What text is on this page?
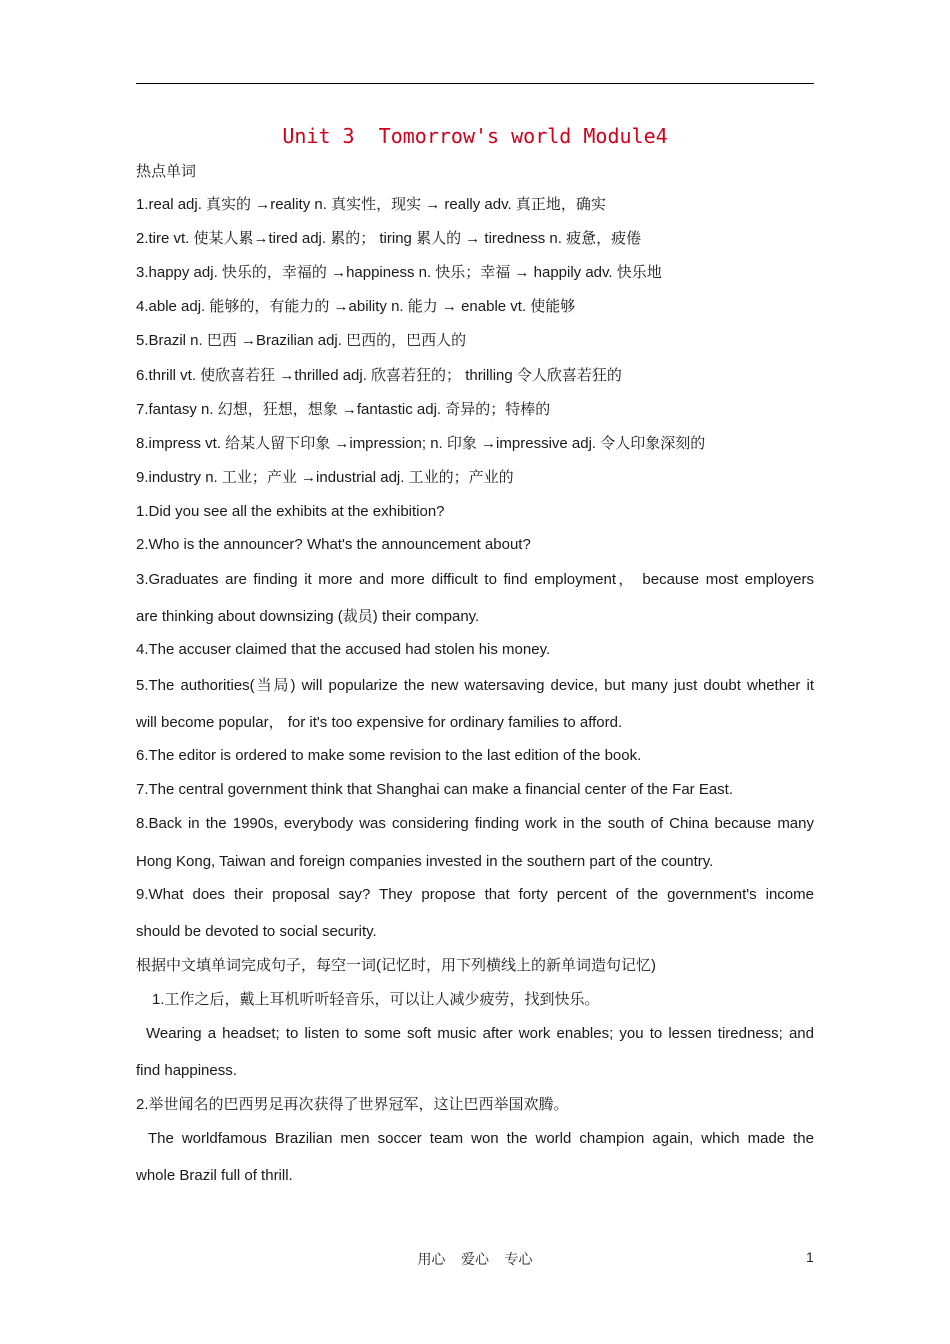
Unit 3  Tomorrow's world Module4
热点单词
1.real adj. 真实的 →reality n. 真实性，现实 → really adv. 真正地，确实
2.tire vt. 使某人累→tired adj. 累的； tiring 累人的 → tiredness n. 疲惫，疲倦
3.happy adj. 快乐的，幸福的 →happiness n. 快乐；幸福 → happily adv. 快乐地
4.able adj. 能够的，有能力的 →ability n. 能力 → enable vt. 使能够
5.Brazil n. 巴西 →Brazilian adj. 巴西的，巴西人的
6.thrill vt. 使欣喜若狂 →thrilled adj. 欣喜若狂的； thrilling 令人欣喜若狂的
7.fantasy n. 幻想，狂想，想象 →fantastic adj. 奇异的；特棒的
8.impress vt. 给某人留下印象 →impression; n. 印象 →impressive adj. 令人印象深刻的
9.industry n. 工业；产业 →industrial adj. 工业的；产业的
1.Did you see all the exhibits at the exhibition?
2.Who is the announcer? What's the announcement about?
3.Graduates are finding it more and more difficult to find employment， because most employers
are thinking about downsizing (裁员) their company.
4.The accuser claimed that the accused had stolen his money.
5.The authorities(当局) will popularize the new watersaving device, but many just doubt whether it
will become popular， for it's too expensive for ordinary families to afford.
6.The editor is ordered to make some revision to the last edition of the book.
7.The central government think that Shanghai can make a financial center of the Far East.
8.Back in the 1990s, everybody was considering finding work in the south of China because many
Hong Kong, Taiwan and foreign companies invested in the southern part of the country.
9.What does their proposal say? They propose that forty percent of the government's income
should be devoted to social security.
根据中文填单词完成句子，每空一词(记忆时，用下列横线上的新单词造句记忆)
1.工作之后，戴上耳机听听轻音乐，可以让人减少疲劳，找到快乐。
Wearing a headset; to listen to some soft music after work enables; you to lessen tiredness; and
find happiness.
2.举世闻名的巴西男足再次获得了世界冠军，这让巴西举国欢腾。
The worldfamous Brazilian men soccer team won the world champion again, which made the
whole Brazil full of thrill.
用心    爱心    专心	1
